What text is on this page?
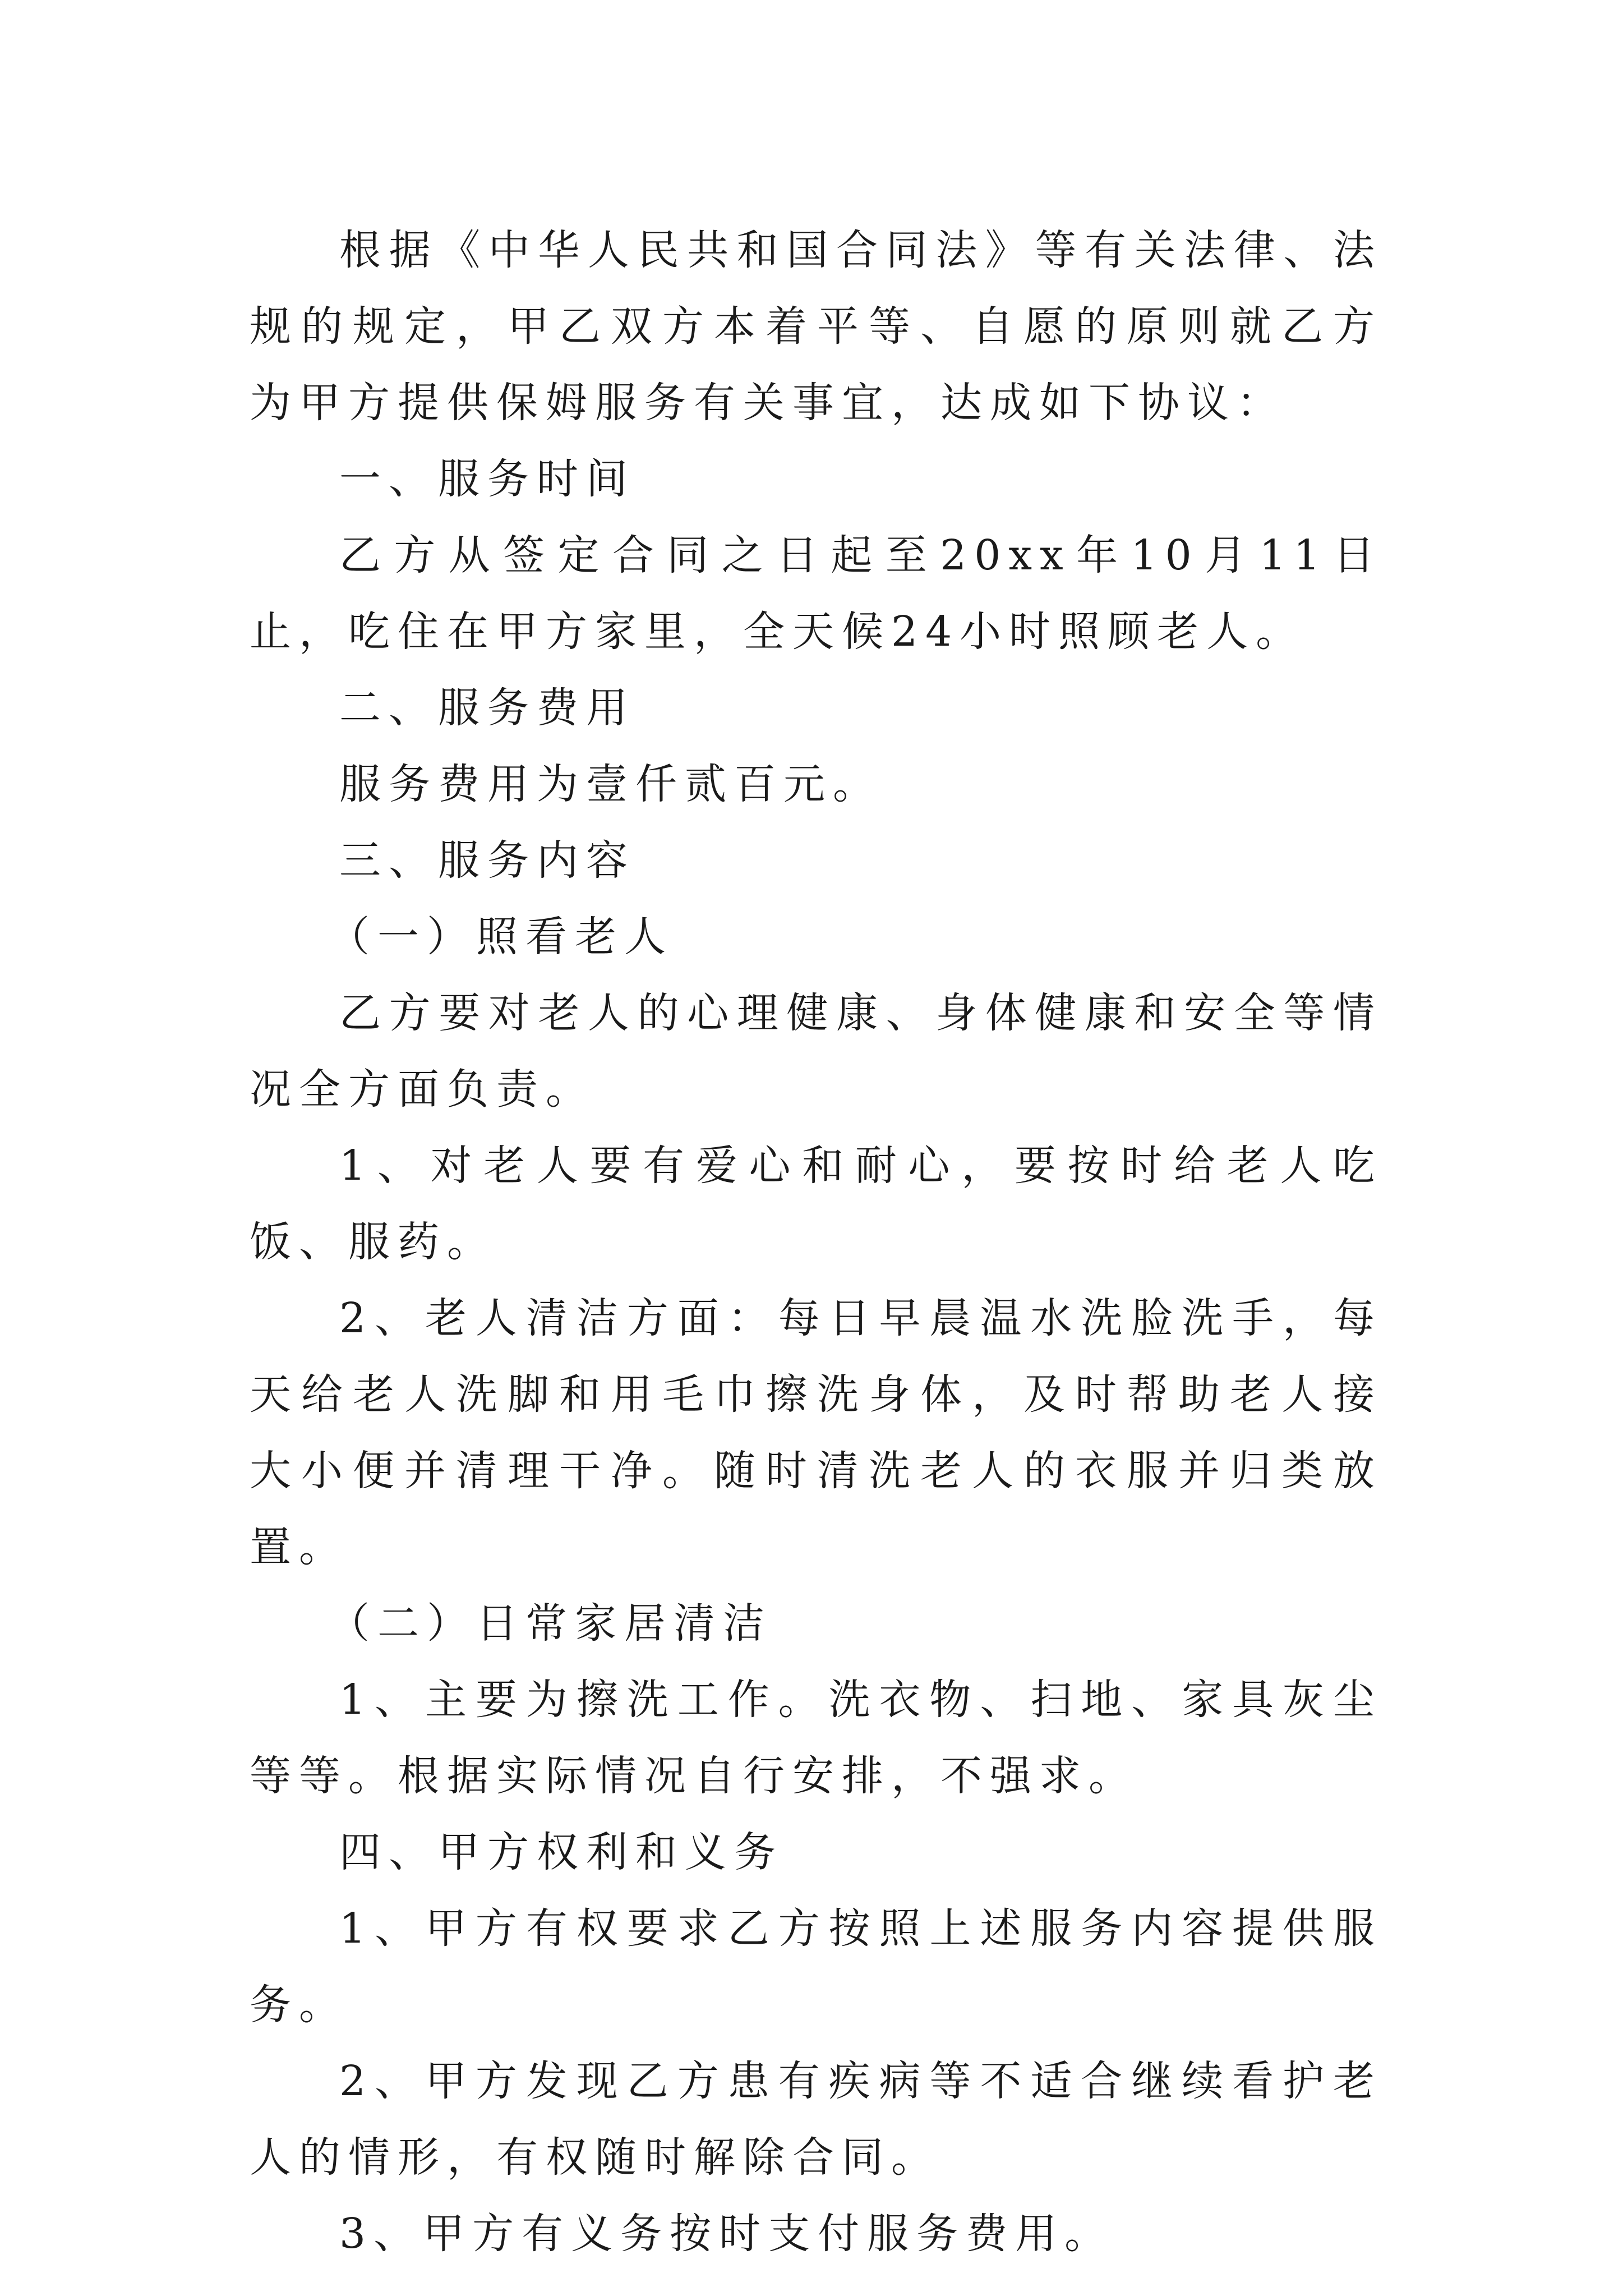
根据《中华人民共和国合同法》等有关法律、法规的规定，甲乙双方本着平等、自愿的原则就乙方为甲方提供保姆服务有关事宜，达成如下协议：

一、服务时间

乙方从签定合同之日起至20xx年10月11日止，吃住在甲方家里，全天候24小时照顾老人。

二、服务费用

服务费用为壹仟贰百元。

三、服务内容

（一）照看老人

乙方要对老人的心理健康、身体健康和安全等情况全方面负责。

1、对老人要有爱心和耐心，要按时给老人吃饭、服药。

2、老人清洁方面：每日早晨温水洗脸洗手，每天给老人洗脚和用毛巾擦洗身体，及时帮助老人接大小便并清理干净。随时清洗老人的衣服并归类放置。

（二）日常家居清洁

1、主要为擦洗工作。洗衣物、扫地、家具灰尘等等。根据实际情况自行安排，不强求。

四、甲方权利和义务

1、甲方有权要求乙方按照上述服务内容提供服务。

2、甲方发现乙方患有疾病等不适合继续看护老人的情形，有权随时解除合同。

3、甲方有义务按时支付服务费用。
